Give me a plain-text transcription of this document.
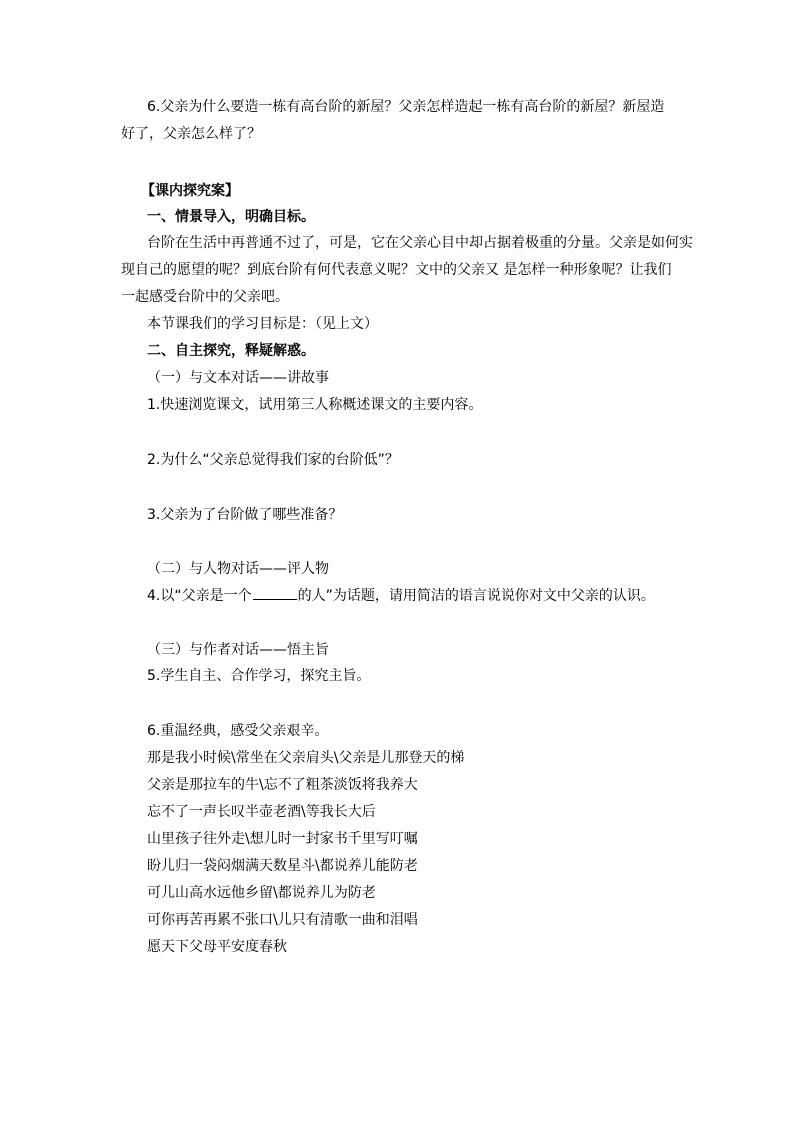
6.父亲为什么要造一栋有高台阶的新屋？父亲怎样造起一栋有高台阶的新屋？新屋造
好了，父亲怎么样了？
【课内探究案】
一、情景导入，明确目标。
台阶在生活中再普通不过了，可是，它在父亲心目中却占据着极重的分量。父亲是如何实
现自己的愿望的呢？到底台阶有何代表意义呢？文中的父亲又 是怎样一种形象呢？让我们
一起感受台阶中的父亲吧。
本节课我们的学习目标是：（见上文）
二、自主探究，释疑解惑。
（一）与文本对话——讲故事
1.快速浏览课文，试用第三人称概述课文的主要内容。
2.为什么“父亲总觉得我们家的台阶低”？
3.父亲为了台阶做了哪些准备？
（二）与人物对话——评人物
4.以“父亲是一个	的人”为话题，请用简洁的语言说说你对文中父亲的认识。
（三）与作者对话——悟主旨
5.学生自主、合作学习，探究主旨。
6.重温经典，感受父亲艰辛。
那是我小时候\常坐在父亲肩头\父亲是儿那登天的梯
父亲是那拉车的牛\忘不了粗茶淡饭将我养大
忘不了一声长叹半壶老酒\等我长大后
山里孩子往外走\想儿时一封家书千里写叮嘱
盼儿归一袋闷烟满天数星斗\都说养儿能防老
可儿山高水远他乡留\都说养儿为防老
可你再苦再累不张口\儿只有清歌一曲和泪唱
愿天下父母平安度春秋
